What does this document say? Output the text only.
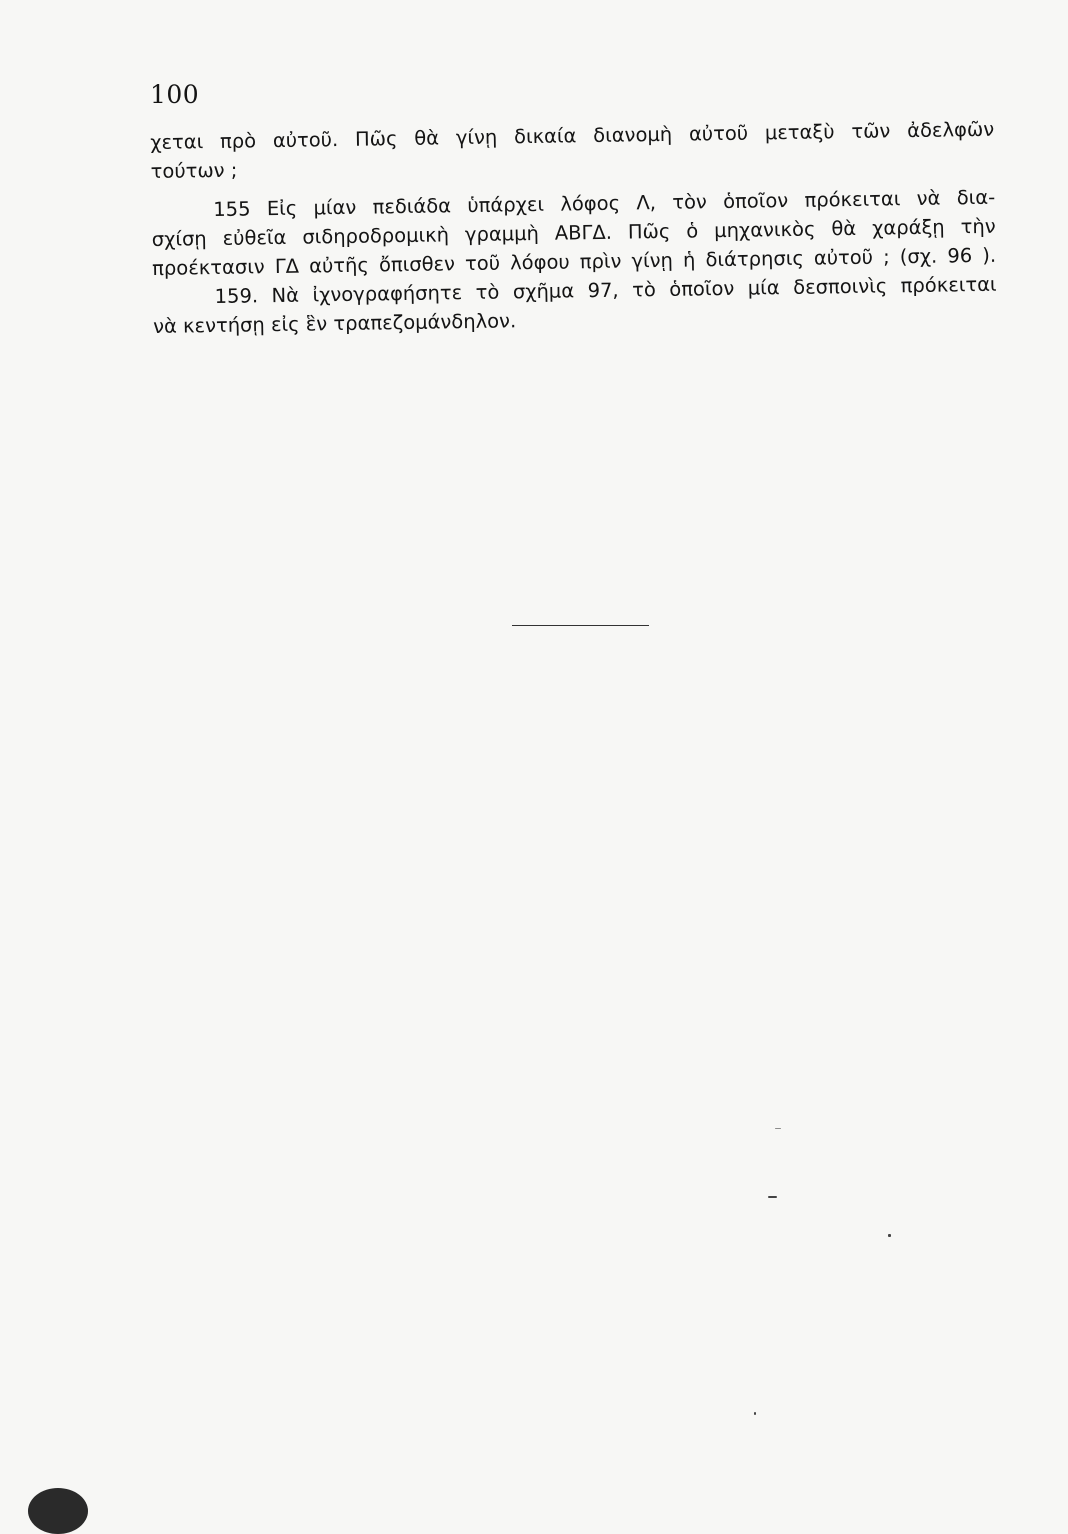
100
χεται πρὸ αὐτοῦ. Πῶς θὰ γίνῃ δικαία διανομὴ αὐτοῦ μεταξὺ τῶν ἀδελφῶν
τούτων ;
155 Εἰς μίαν πεδιάδα ὑπάρχει λόφος Λ, τὸν ὁποῖον πρόκειται νὰ δια-
σχίσῃ εὐθεῖα σιδηροδρομικὴ γραμμὴ ΑΒΓΔ. Πῶς ὁ μηχανικὸς θὰ χαράξῃ τὴν
προέκτασιν ΓΔ αὐτῆς ὄπισθεν τοῦ λόφου πρὶν γίνῃ ἡ διάτρησις αὐτοῦ ; (σχ. 96 ).
159. Νὰ ἰχνογραφήσητε τὸ σχῆμα 97, τὸ ὁποῖον μία δεσποινὶς πρόκειται
νὰ κεντήσῃ εἰς ἓν τραπεζομάνδηλον.
